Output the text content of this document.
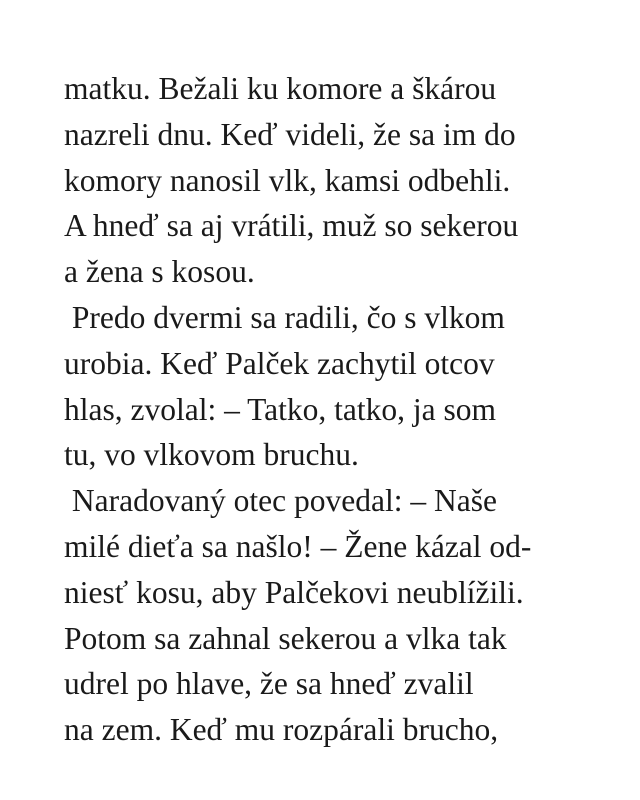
matku. Bežali ku komore a škárou
nazreli dnu. Keď videli, že sa im do
komory nanosil vlk, kamsi odbehli.
A hneď sa aj vrátili, muž so sekerou
a žena s kosou.
Predo dvermi sa radili, čo s vlkom
urobia. Keď Palček zachytil otcov
hlas, zvolal: – Tatko, tatko, ja som
tu, vo vlkovom bruchu.
Naradovaný otec povedal: – Naše
milé dieťa sa našlo! – Žene kázal od-
niesť kosu, aby Palčekovi neublížili.
Potom sa zahnal sekerou a vlka tak
udrel po hlave, že sa hneď zvalil
na zem. Keď mu rozpárali brucho,
